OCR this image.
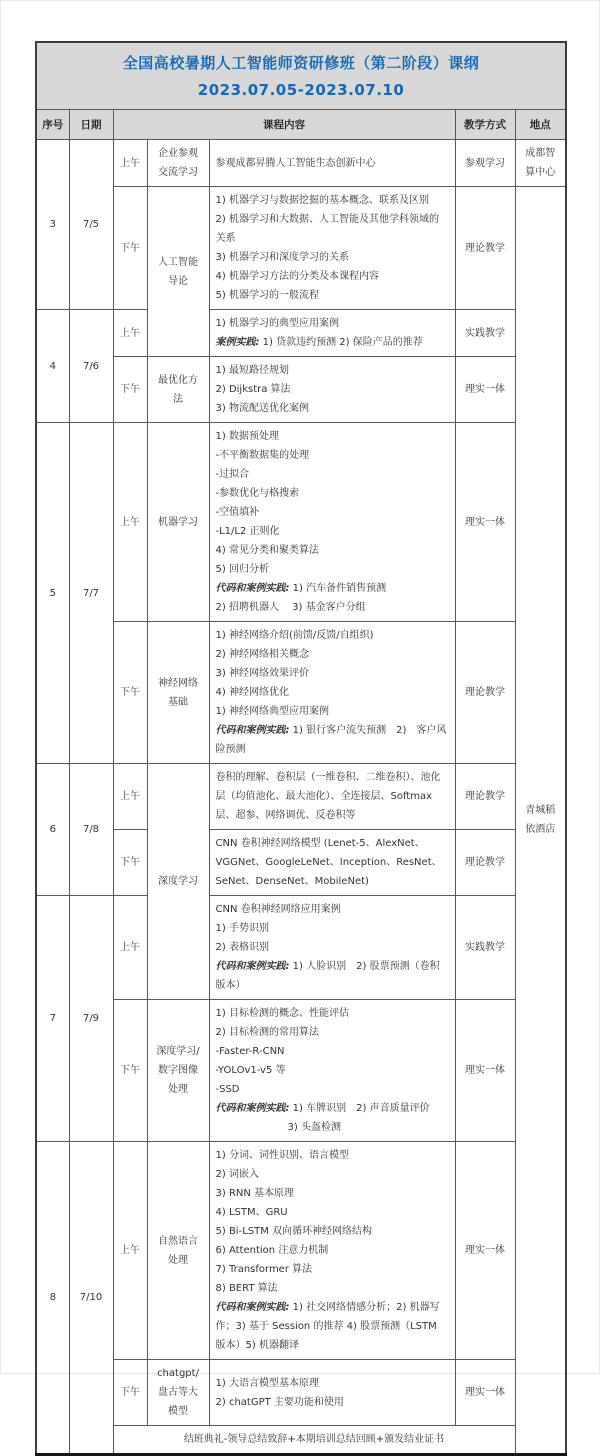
全国高校暑期人工智能师资研修班（第二阶段）课纲
2023.07.05-2023.07.10						

序号	日期	课程内容			教学方式	地点
3	7/5	上午	企业参观交流学习	参观成都昇腾人工智能生态创新中心	参观学习	成都智算中心
		下午	人工智能导论	1) 机器学习与数据挖掘的基本概念、联系及区别
2) 机器学习和大数据、人工智能及其他学科领域的关系
3) 机器学习和深度学习的关系
4) 机器学习方法的分类及本课程内容
5) 机器学习的一般流程	理论教学	青城稻依酒店
4	7/6	上午		1) 机器学习的典型应用案例
案例实践: 1) 贷款违约预测 2) 保险产品的推荐	实践教学	
		下午	最优化方法	1) 最短路径规划
2) Dijkstra 算法
3) 物流配送优化案例	理实一体	
5	7/7	上午	机器学习	
1) 数据预处理
-不平衡数据集的处理
-过拟合
-参数优化与格搜索
-空值填补
-L1/L2 正则化
4) 常见分类和聚类算法
5) 回归分析
代码和案例实践: 1) 汽车备件销售预测
2) 招聘机器人　 3) 基金客户分组
	理实一体
下午	神经网络基础	
1) 神经网络介绍(前馈/反馈/自组织)
2) 神经网络相关概念
3) 神经网络效果评价
4) 神经网络优化
1) 神经网络典型应用案例
代码和案例实践: 1) 银行客户流失预测　2)　客户风险预测
	理论教学
6	7/8	上午	深度学习	卷积的理解、卷积层（一维卷积、二维卷积）、池化层（均值池化、最大池化）、全连接层、Softmax 层、超参、网络调优、反卷积等	理论教学	
		下午		CNN 卷积神经网络模型 (Lenet-5、AlexNet、VGGNet、GoogleLeNet、Inception、ResNet、SeNet、DenseNet、MobileNet)	理论教学	
7	7/9	上午		CNN 卷积神经网络应用案例
1) 手势识别
2) 表格识别
代码和案例实践: 1) 人脸识别　2) 股票预测（卷积版本）	实践教学	
下午	深度学习/数字图像处理	
1) 目标检测的概念、性能评估
2) 目标检测的常用算法
-Faster-R-CNN
-YOLOv1-v5 等
-SSD
代码和案例实践: 1) 车牌识别　2) 声音质量评价
3) 头盔检测
	理实一体
8	7/10	上午	自然语言处理	
1) 分词、词性识别、语言模型
2) 词嵌入
3) RNN 基本原理
4) LSTM、GRU
5) Bi-LSTM 双向循环神经网络结构
6) Attention 注意力机制
7) Transformer 算法
8) BERT 算法
代码和案例实践: 1) 社交网络情感分析；2) 机器写作；3) 基于 Session 的推荐 4) 股票预测（LSTM 版本）5) 机器翻译
	理实一体
		下午	chatgpt/盘古等大模型	1) 大语言模型基本原理
2) chatGPT 主要功能和使用	理实一体	
		结班典礼-领导总结致辞+本期培训总结回顾+颁发结业证书				
